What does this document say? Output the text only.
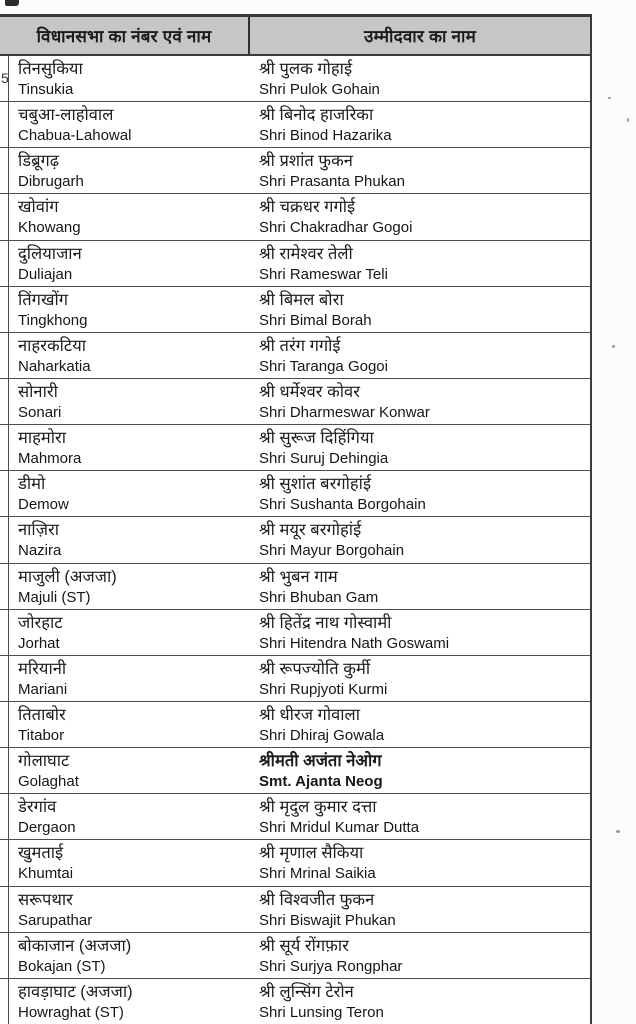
5
विधानसभा का नंबर एवं नाम	उम्मीदवार का नाम
तिनसुकिया
Tinsukia
श्री पुलक गोहाई
Shri Pulok Gohain
चबुआ-लाहोवाल
Chabua-Lahowal
श्री बिनोद हाजरिका
Shri Binod Hazarika
डिब्रूगढ़
Dibrugarh
श्री प्रशांत फुकन
Shri Prasanta Phukan
खोवांग
Khowang
श्री चक्रधर गगोई
Shri Chakradhar Gogoi
दुलियाजान
Duliajan
श्री रामेश्वर तेली
Shri Rameswar Teli
तिंगखोंग
Tingkhong
श्री बिमल बोरा
Shri Bimal Borah
नाहरकटिया
Naharkatia
श्री तरंग गगोई
Shri Taranga Gogoi
सोनारी
Sonari
श्री धर्मेश्वर कोवर
Shri Dharmeswar Konwar
माहमोरा
Mahmora
श्री सुरूज दिहिंगिया
Shri Suruj Dehingia
डीमो
Demow
श्री सुशांत बरगोहांई
Shri Sushanta Borgohain
नाज़िरा
Nazira
श्री मयूर बरगोहांई
Shri Mayur Borgohain
माजुली (अजजा)
Majuli (ST)
श्री भुबन गाम
Shri Bhuban Gam
जोरहाट
Jorhat
श्री हितेंद्र नाथ गोस्वामी
Shri Hitendra Nath Goswami
मरियानी
Mariani
श्री रूपज्योति कुर्मी
Shri Rupjyoti Kurmi
तिताबोर
Titabor
श्री धीरज गोवाला
Shri Dhiraj Gowala
गोलाघाट
Golaghat
श्रीमती अजंता नेओग
Smt. Ajanta Neog
डेरगांव
Dergaon
श्री मृदुल कुमार दत्ता
Shri Mridul Kumar Dutta
खुमताई
Khumtai
श्री मृणाल सैकिया
Shri Mrinal Saikia
सरूपथार
Sarupathar
श्री विश्वजीत फुकन
Shri Biswajit Phukan
बोकाजान (अजजा)
Bokajan (ST)
श्री सूर्य रोंगफ़ार
Shri Surjya Rongphar
हावड़ाघाट (अजजा)
Howraghat (ST)
श्री लुन्सिंग टेरोन
Shri Lunsing Teron
